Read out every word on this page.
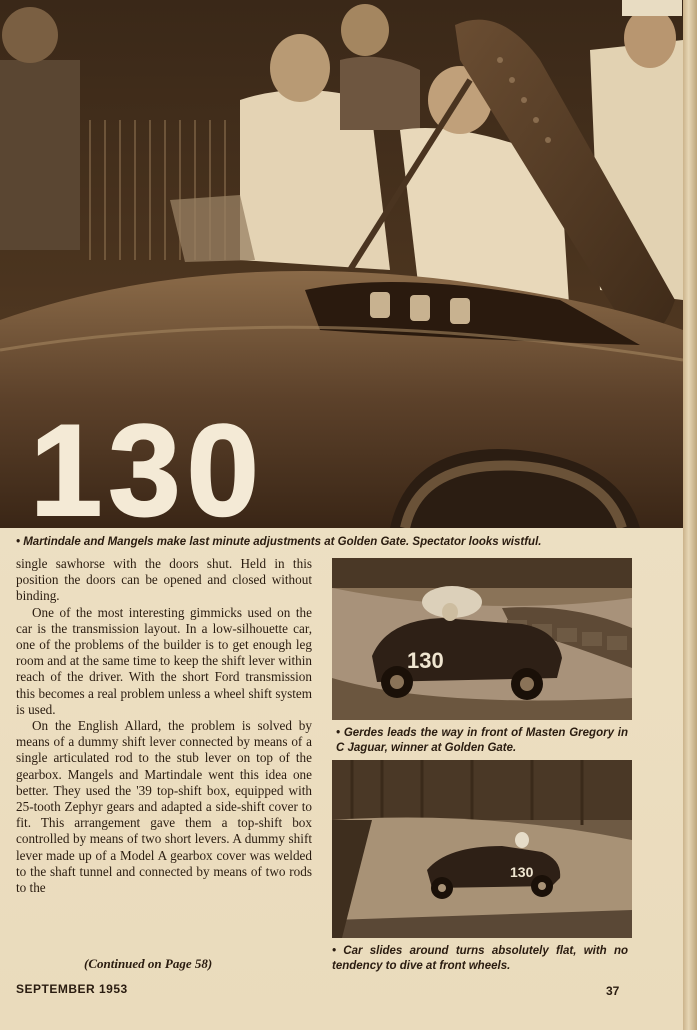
130
• Martindale and Mangels make last minute adjustments at Golden Gate. Spectator looks wistful.

single sawhorse with the doors shut. Held in this position the doors can be opened and closed without binding.

One of the most interesting gimmicks used on the car is the transmission layout. In a low-silhouette car, one of the problems of the builder is to get enough leg room and at the same time to keep the shift lever within reach of the driver. With the short Ford transmission this becomes a real problem unless a wheel shift system is used.

On the English Allard, the problem is solved by means of a dummy shift lever connected by means of a single articulated rod to the stub lever on top of the gearbox. Mangels and Martindale went this idea one better. They used the '39 top-shift box, equipped with 25-tooth Zephyr gears and adapted a side-shift cover to fit. This arrangement gave them a top-shift box controlled by means of two short levers. A dummy shift lever made up of a Model A gearbox cover was welded to the shaft tunnel and connected by means of two rods to the

(Continued on Page 58)
130
• Gerdes leads the way in front of Masten Gregory in C Jaguar, winner at Golden Gate.
130
• Car slides around turns absolutely flat, with no tendency to dive at front wheels.
SEPTEMBER 1953	37
